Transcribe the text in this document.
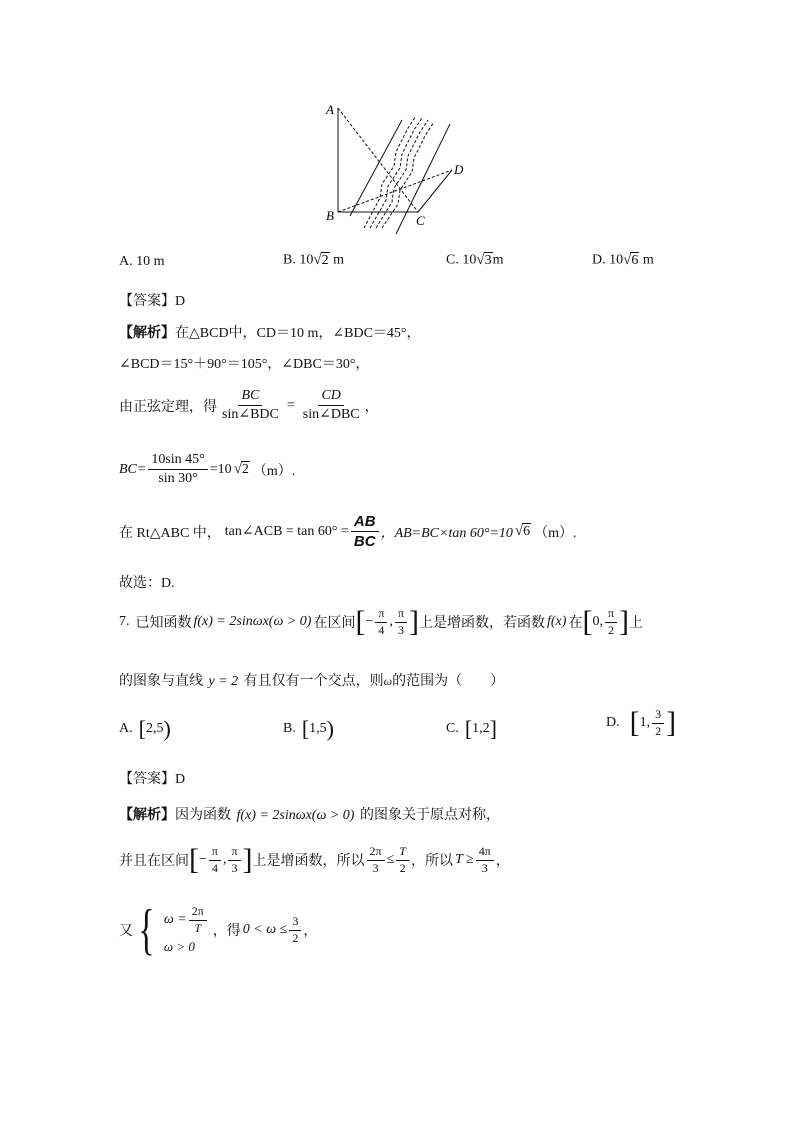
A
B	C
D
A. 10 m	B. 10√2 m	C. 10√3m	D. 10√6 m
【答案】D
【解析】在△BCD中，CD＝10 m，∠BDC＝45°，
∠BCD＝15°＋90°＝105°，∠DBC＝30°，
由正弦定理，得 $\frac{BC}{\text{sin∠BDC}} = \frac{CD}{\text{sin∠DBC}}$ ，
$BC= \frac{10\sin 45^\circ}{\sin 30^\circ} =10$ √2 （m）.
在 Rt△ABC 中， tan∠ACB = $\tan 60^\circ = \frac{AB}{BC}$ ，AB=BC×tan 60°=10 √6 （m）.
故选：D.
7. 已知函数 f(x) = 2sinωx(ω > 0) 在区间 [ − $\frac{\pi}{4}$ , $\frac{\pi}{3}$ ] 上是增函数，若函数 f(x) 在 [ 0, $\frac{\pi}{2}$ ] 上
的图象与直线 y = 2 有且仅有一个交点，则ω的范围为（　　）
A. [ 2,5 )	B. [ 1,5 )	C. [ 1,2 ]	D. [ 1, $\frac{3}{2}$ ]
【答案】D
【解析】因为函数 f(x) = 2sinωx(ω > 0) 的图象关于原点对称，
并且在区间 [ − $\frac{\pi}{4}$ , $\frac{\pi}{3}$ ] 上是增函数，所以 $\frac{2\pi}{3} \le \frac{T}{2}$ ，所以 $T \ge \frac{4\pi}{3}$ ，
又 { $\omega = \frac{2\pi}{T}$
ω > 0
，得 $0 < \omega \le \frac{3}{2}$ ，
